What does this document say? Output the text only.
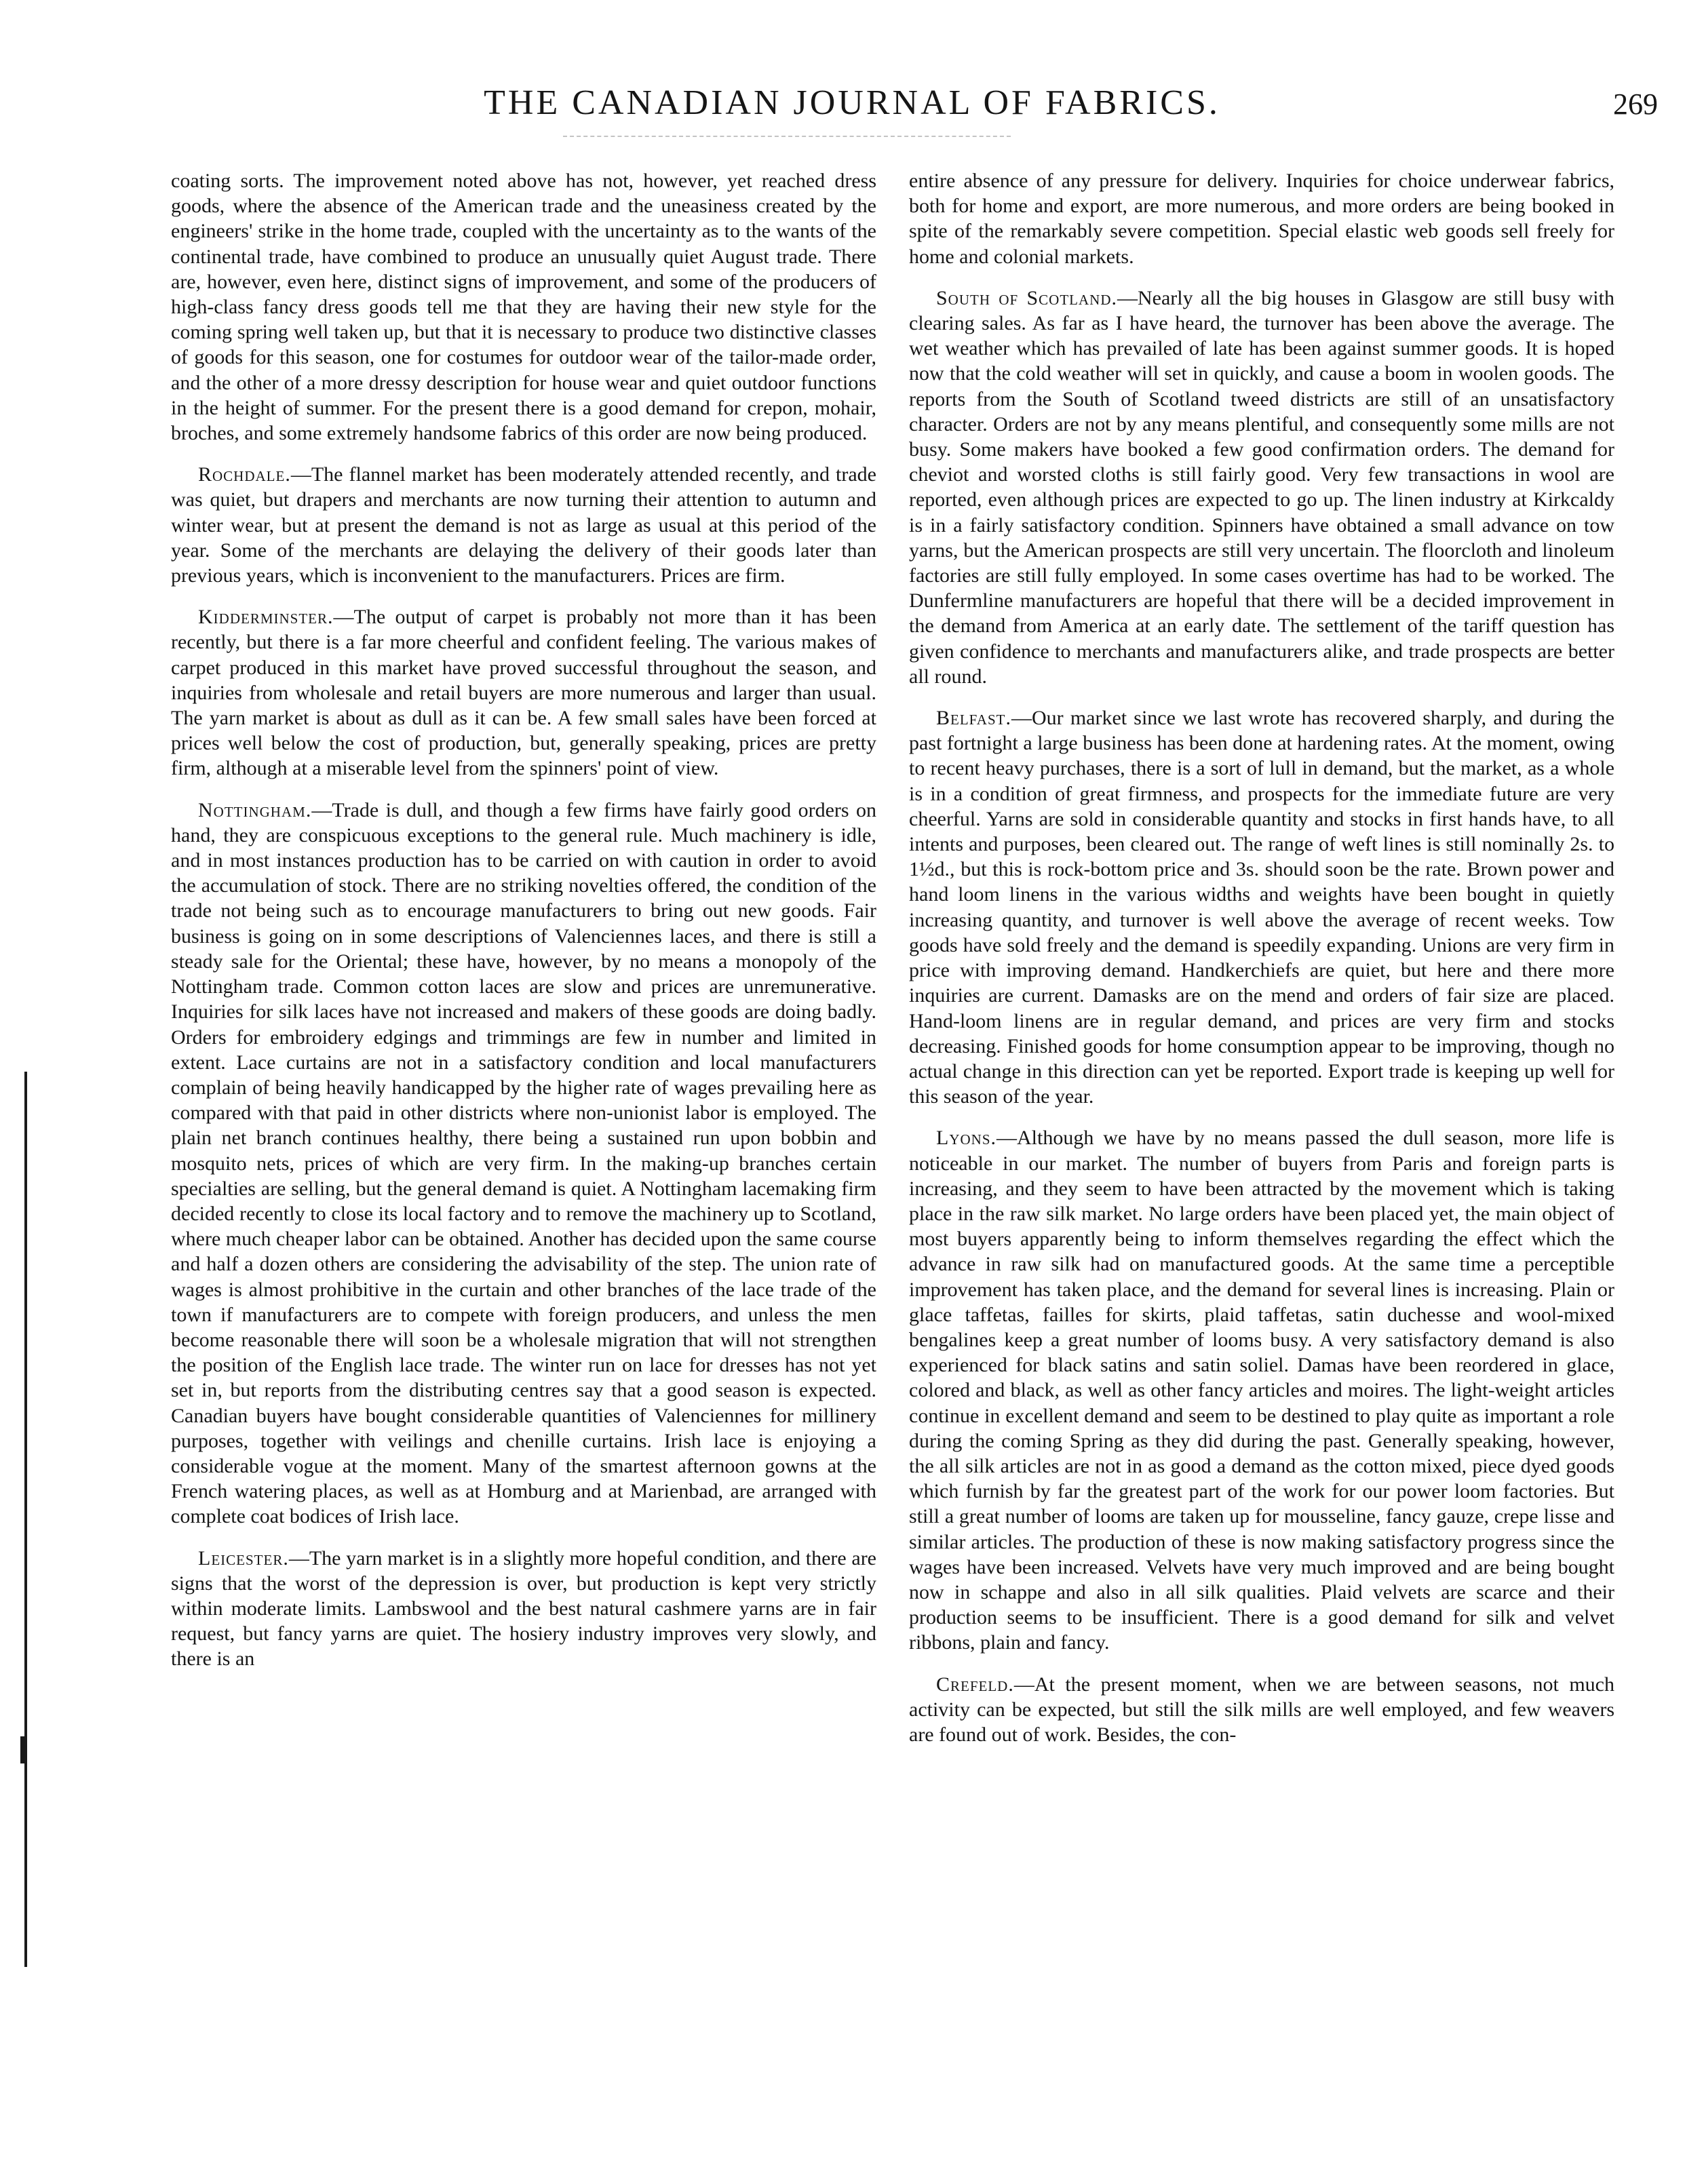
THE CANADIAN JOURNAL OF FABRICS.	269

coating sorts. The improvement noted above has not, however, yet reached dress goods, where the absence of the American trade and the uneasiness created by the engineers' strike in the home trade, coupled with the uncertainty as to the wants of the continental trade, have combined to produce an unusually quiet August trade. There are, however, even here, distinct signs of improvement, and some of the producers of high-class fancy dress goods tell me that they are having their new style for the coming spring well taken up, but that it is necessary to produce two distinctive classes of goods for this season, one for costumes for outdoor wear of the tailor-made order, and the other of a more dressy description for house wear and quiet outdoor functions in the height of summer. For the present there is a good demand for crepon, mohair, broches, and some extremely handsome fabrics of this order are now being produced.

Rochdale.—The flannel market has been moderately attended recently, and trade was quiet, but drapers and merchants are now turning their attention to autumn and winter wear, but at present the demand is not as large as usual at this period of the year. Some of the merchants are delaying the delivery of their goods later than previous years, which is inconvenient to the manufacturers. Prices are firm.

Kidderminster.—The output of carpet is probably not more than it has been recently, but there is a far more cheerful and confident feeling. The various makes of carpet produced in this market have proved successful throughout the season, and inquiries from wholesale and retail buyers are more numerous and larger than usual. The yarn market is about as dull as it can be. A few small sales have been forced at prices well below the cost of production, but, generally speaking, prices are pretty firm, although at a miserable level from the spinners' point of view.

Nottingham.—Trade is dull, and though a few firms have fairly good orders on hand, they are conspicuous exceptions to the general rule. Much machinery is idle, and in most instances production has to be carried on with caution in order to avoid the accumulation of stock. There are no striking novelties offered, the condition of the trade not being such as to encourage manufacturers to bring out new goods. Fair business is going on in some descriptions of Valenciennes laces, and there is still a steady sale for the Oriental; these have, however, by no means a monopoly of the Nottingham trade. Common cotton laces are slow and prices are unremunerative. Inquiries for silk laces have not increased and makers of these goods are doing badly. Orders for embroidery edgings and trimmings are few in number and limited in extent. Lace curtains are not in a satisfactory condition and local manufacturers complain of being heavily handicapped by the higher rate of wages prevailing here as compared with that paid in other districts where non-unionist labor is employed. The plain net branch continues healthy, there being a sustained run upon bobbin and mosquito nets, prices of which are very firm. In the making-up branches certain specialties are selling, but the general demand is quiet. A Nottingham lacemaking firm decided recently to close its local factory and to remove the machinery up to Scotland, where much cheaper labor can be obtained. Another has decided upon the same course and half a dozen others are considering the advisability of the step. The union rate of wages is almost prohibitive in the curtain and other branches of the lace trade of the town if manufacturers are to compete with foreign producers, and unless the men become reasonable there will soon be a wholesale migration that will not strengthen the position of the English lace trade. The winter run on lace for dresses has not yet set in, but reports from the distributing centres say that a good season is expected. Canadian buyers have bought considerable quantities of Valenciennes for millinery purposes, together with veilings and chenille curtains. Irish lace is enjoying a considerable vogue at the moment. Many of the smartest afternoon gowns at the French watering places, as well as at Homburg and at Marienbad, are arranged with complete coat bodices of Irish lace.

Leicester.—The yarn market is in a slightly more hopeful condition, and there are signs that the worst of the depression is over, but production is kept very strictly within moderate limits. Lambswool and the best natural cashmere yarns are in fair request, but fancy yarns are quiet. The hosiery industry improves very slowly, and there is an

entire absence of any pressure for delivery. Inquiries for choice underwear fabrics, both for home and export, are more numerous, and more orders are being booked in spite of the remarkably severe competition. Special elastic web goods sell freely for home and colonial markets.

South of Scotland.—Nearly all the big houses in Glasgow are still busy with clearing sales. As far as I have heard, the turnover has been above the average. The wet weather which has prevailed of late has been against summer goods. It is hoped now that the cold weather will set in quickly, and cause a boom in woolen goods. The reports from the South of Scotland tweed districts are still of an unsatisfactory character. Orders are not by any means plentiful, and consequently some mills are not busy. Some makers have booked a few good confirmation orders. The demand for cheviot and worsted cloths is still fairly good. Very few transactions in wool are reported, even although prices are expected to go up. The linen industry at Kirkcaldy is in a fairly satisfactory condition. Spinners have obtained a small advance on tow yarns, but the American prospects are still very uncertain. The floorcloth and linoleum factories are still fully employed. In some cases overtime has had to be worked. The Dunfermline manufacturers are hopeful that there will be a decided improvement in the demand from America at an early date. The settlement of the tariff question has given confidence to merchants and manufacturers alike, and trade prospects are better all round.

Belfast.—Our market since we last wrote has recovered sharply, and during the past fortnight a large business has been done at hardening rates. At the moment, owing to recent heavy purchases, there is a sort of lull in demand, but the market, as a whole is in a condition of great firmness, and prospects for the immediate future are very cheerful. Yarns are sold in considerable quantity and stocks in first hands have, to all intents and purposes, been cleared out. The range of weft lines is still nominally 2s. to 1½d., but this is rock-bottom price and 3s. should soon be the rate. Brown power and hand loom linens in the various widths and weights have been bought in quietly increasing quantity, and turnover is well above the average of recent weeks. Tow goods have sold freely and the demand is speedily expanding. Unions are very firm in price with improving demand. Handkerchiefs are quiet, but here and there more inquiries are current. Damasks are on the mend and orders of fair size are placed. Hand-loom linens are in regular demand, and prices are very firm and stocks decreasing. Finished goods for home consumption appear to be improving, though no actual change in this direction can yet be reported. Export trade is keeping up well for this season of the year.

Lyons.—Although we have by no means passed the dull season, more life is noticeable in our market. The number of buyers from Paris and foreign parts is increasing, and they seem to have been attracted by the movement which is taking place in the raw silk market. No large orders have been placed yet, the main object of most buyers apparently being to inform themselves regarding the effect which the advance in raw silk had on manufactured goods. At the same time a perceptible improvement has taken place, and the demand for several lines is increasing. Plain or glace taffetas, failles for skirts, plaid taffetas, satin duchesse and wool-mixed bengalines keep a great number of looms busy. A very satisfactory demand is also experienced for black satins and satin soliel. Damas have been reordered in glace, colored and black, as well as other fancy articles and moires. The light-weight articles continue in excellent demand and seem to be destined to play quite as important a role during the coming Spring as they did during the past. Generally speaking, however, the all silk articles are not in as good a demand as the cotton mixed, piece dyed goods which furnish by far the greatest part of the work for our power loom factories. But still a great number of looms are taken up for mousseline, fancy gauze, crepe lisse and similar articles. The production of these is now making satisfactory progress since the wages have been increased. Velvets have very much improved and are being bought now in schappe and also in all silk qualities. Plaid velvets are scarce and their production seems to be insufficient. There is a good demand for silk and velvet ribbons, plain and fancy.

Crefeld.—At the present moment, when we are between seasons, not much activity can be expected, but still the silk mills are well employed, and few weavers are found out of work. Besides, the con-
